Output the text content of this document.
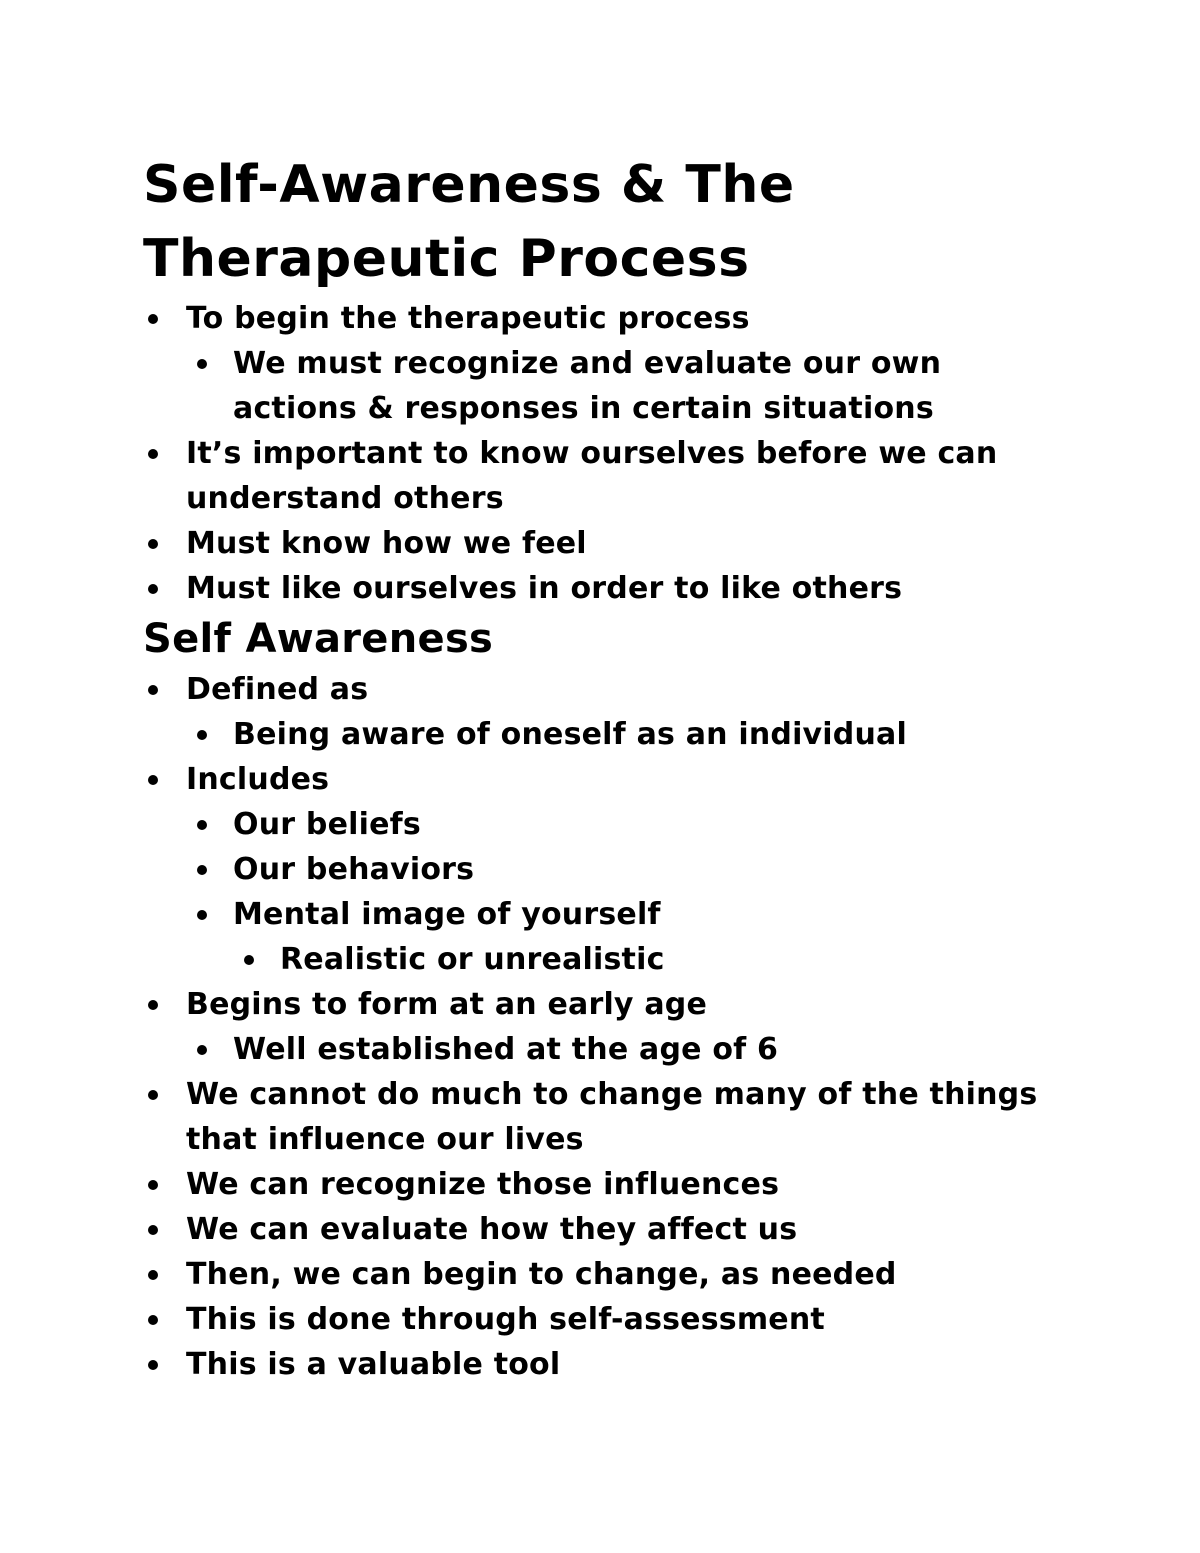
Self-Awareness & The Therapeutic Process
To begin the therapeutic process
We must recognize and evaluate our own actions & responses in certain situations
It’s important to know ourselves before we can understand others
Must know how we feel
Must like ourselves in order to like others
Self Awareness
Defined as
Being aware of oneself as an individual
Includes
Our beliefs
Our behaviors
Mental image of yourself
Realistic or unrealistic
Begins to form at an early age
Well established at the age of 6
We cannot do much to change many of the things that influence our lives
We can recognize those influences
We can evaluate how they affect us
Then, we can begin to change, as needed
This is done through self-assessment
This is a valuable tool
